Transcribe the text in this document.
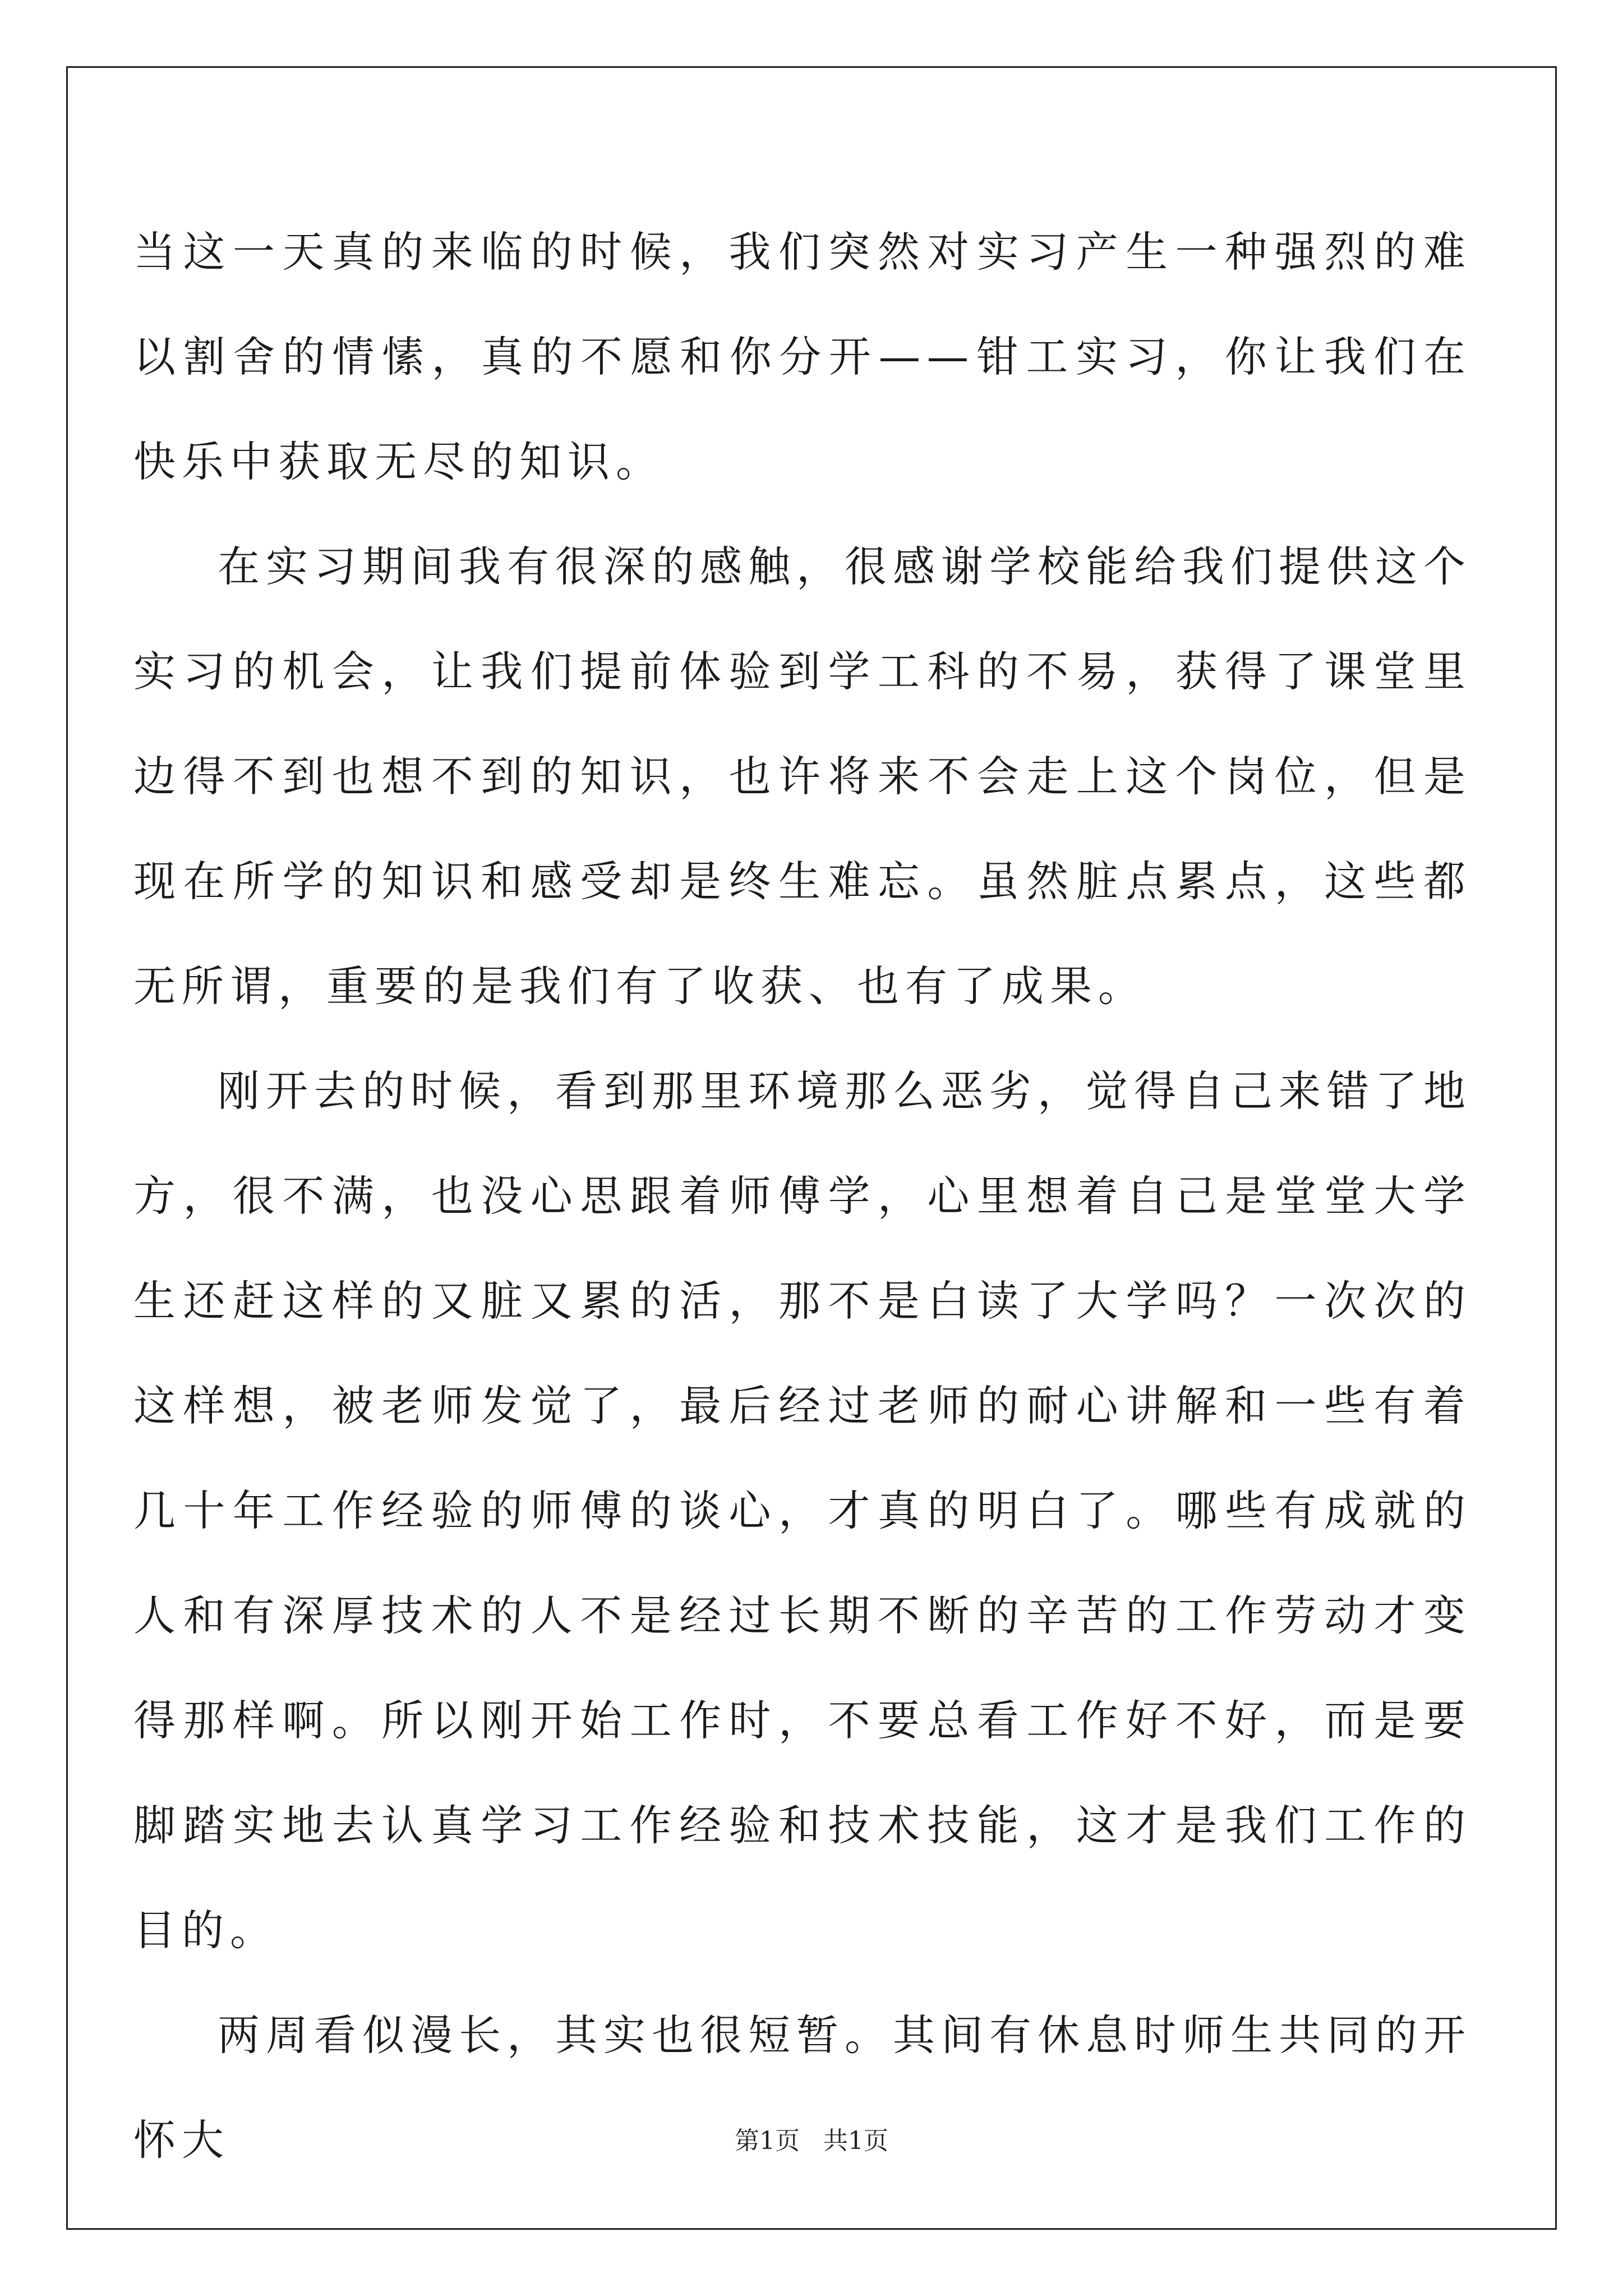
当这一天真的来临的时候，我们突然对实习产生一种强烈的难以割舍的情愫，真的不愿和你分开——钳工实习，你让我们在快乐中获取无尽的知识。

在实习期间我有很深的感触，很感谢学校能给我们提供这个实习的机会，让我们提前体验到学工科的不易，获得了课堂里边得不到也想不到的知识，也许将来不会走上这个岗位，但是现在所学的知识和感受却是终生难忘。虽然脏点累点，这些都无所谓，重要的是我们有了收获、也有了成果。

刚开去的时候，看到那里环境那么恶劣，觉得自己来错了地方，很不满，也没心思跟着师傅学，心里想着自己是堂堂大学生还赶这样的又脏又累的活，那不是白读了大学吗？一次次的这样想，被老师发觉了，最后经过老师的耐心讲解和一些有着几十年工作经验的师傅的谈心，才真的明白了。哪些有成就的人和有深厚技术的人不是经过长期不断的辛苦的工作劳动才变得那样啊。所以刚开始工作时，不要总看工作好不好，而是要脚踏实地去认真学习工作经验和技术技能，这才是我们工作的目的。

两周看似漫长，其实也很短暂。其间有休息时师生共同的开怀大	第1页   共1页
